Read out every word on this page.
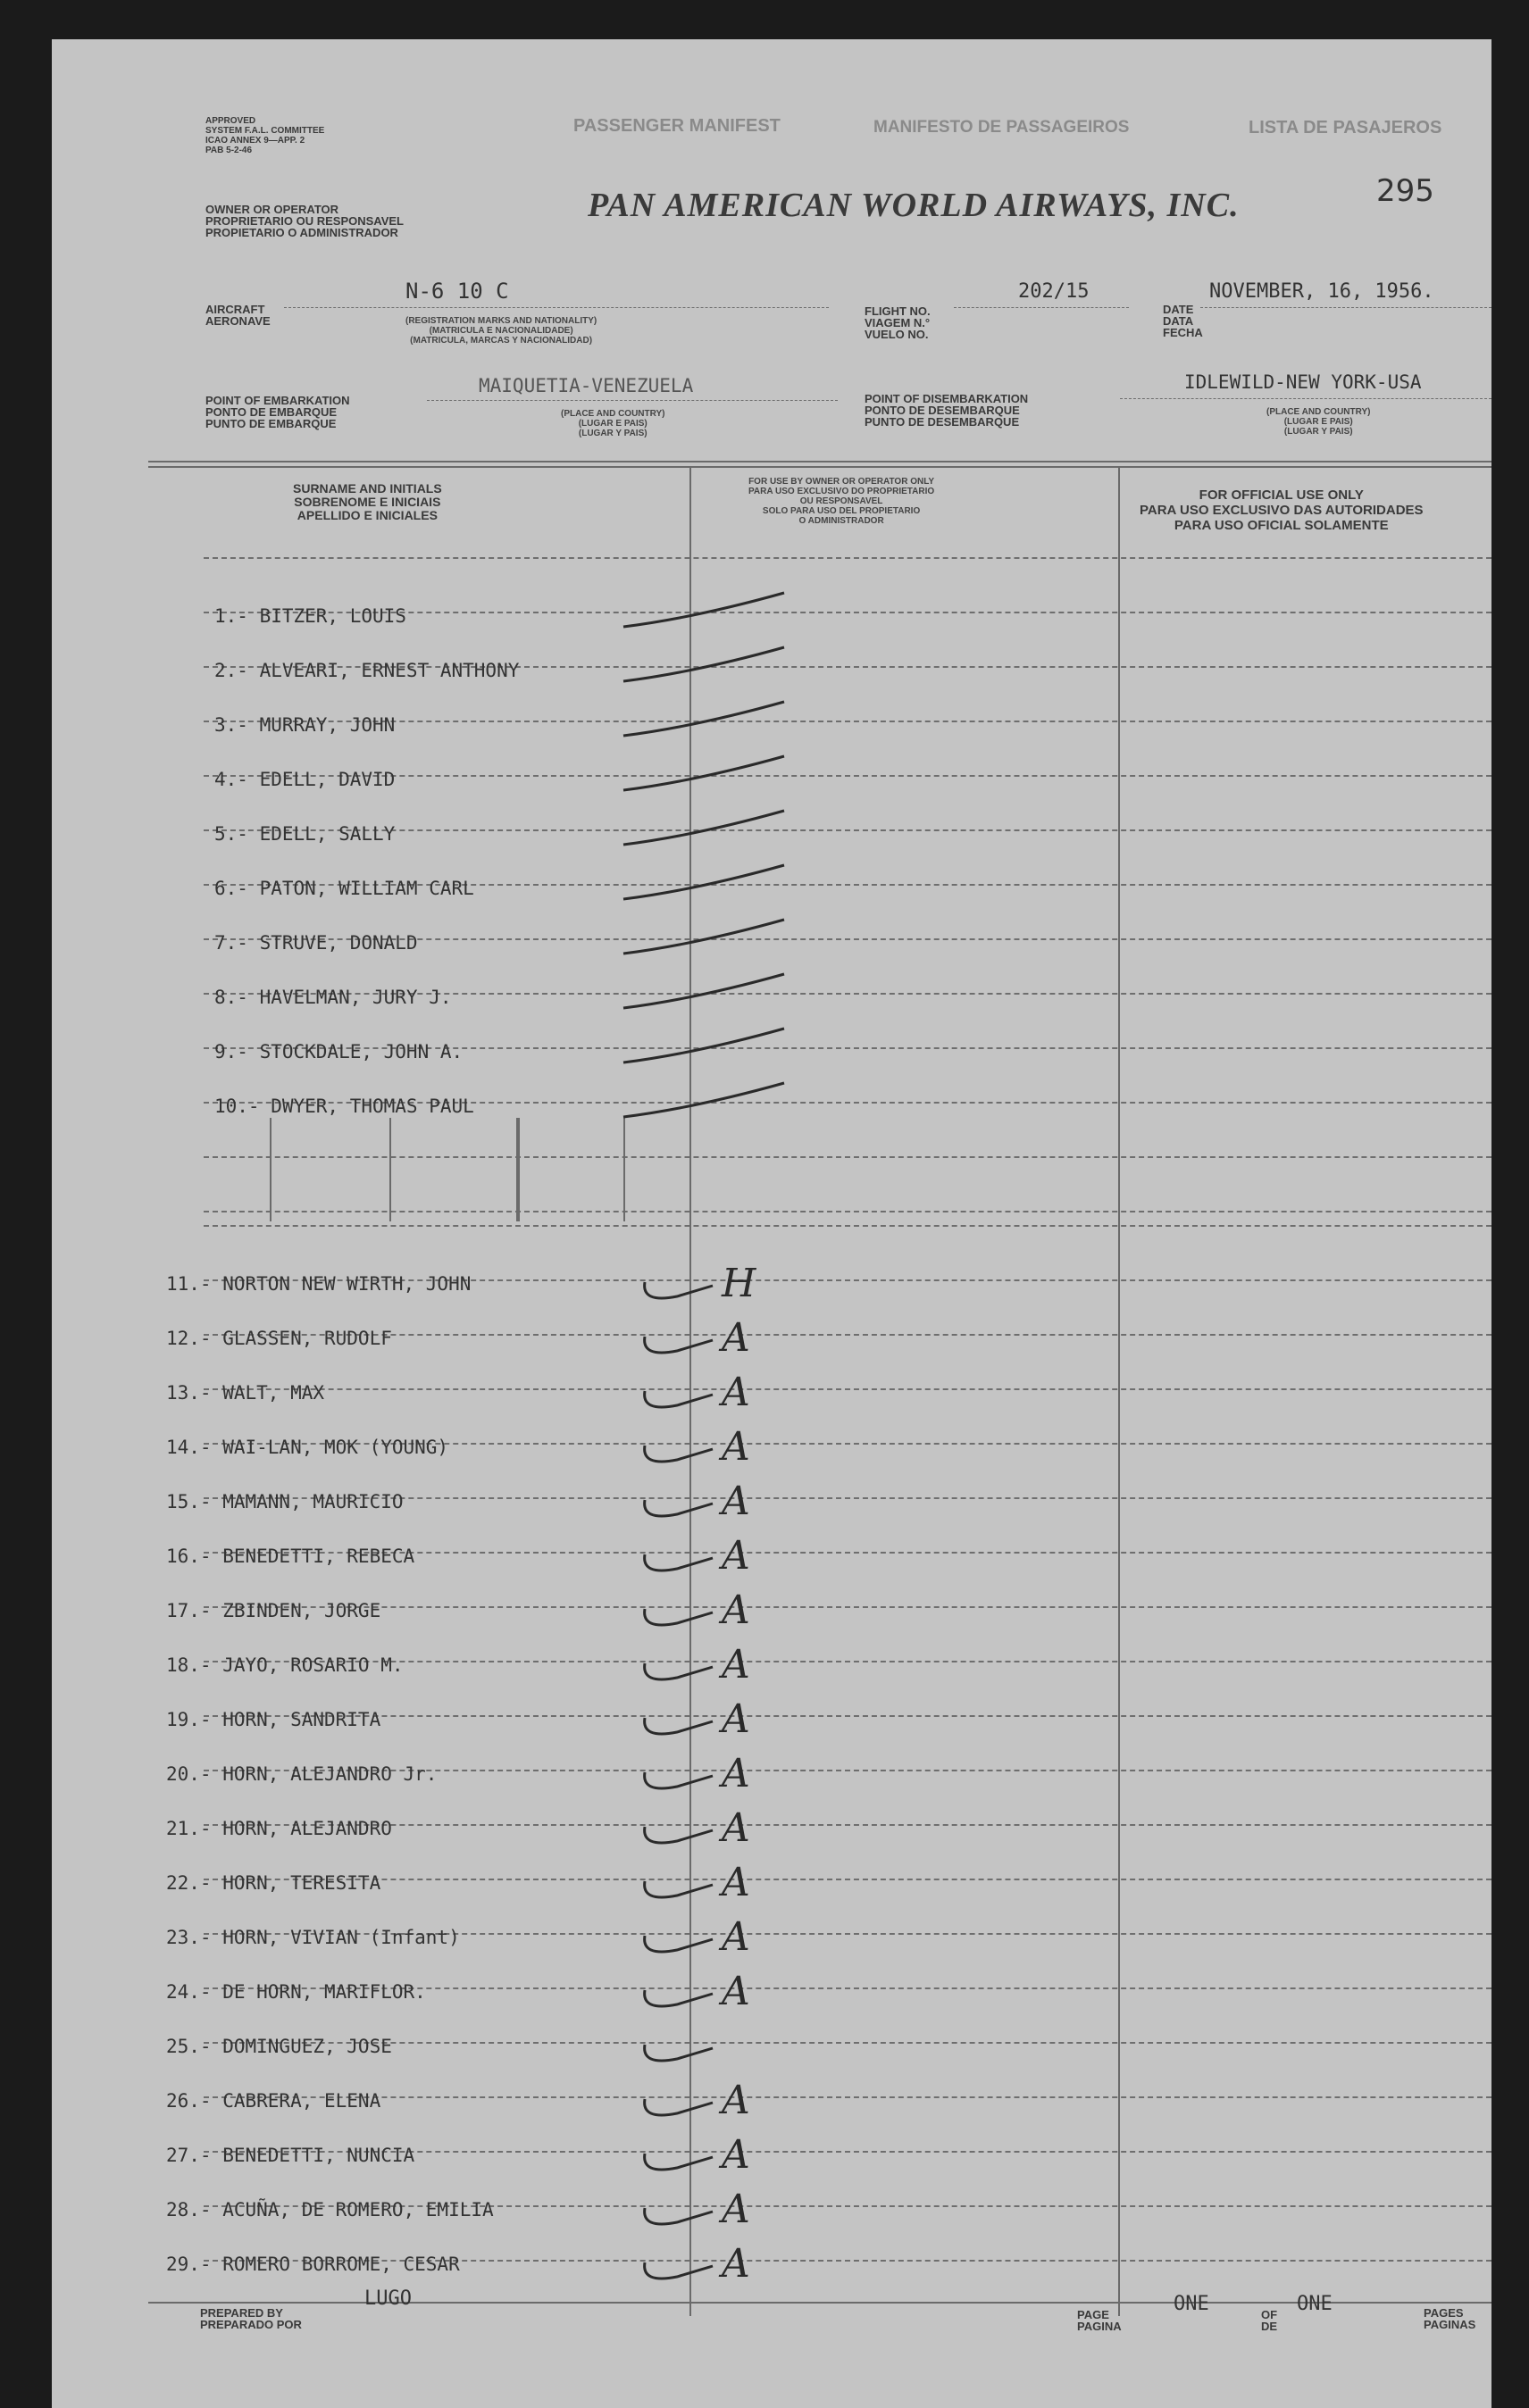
APPROVED
SYSTEM F.A.L. COMMITTEE
ICAO ANNEX 9—APP. 2
PAB 5-2-46
OWNER OR OPERATOR
PROPRIETARIO OU RESPONSAVEL
PROPIETARIO O ADMINISTRADOR
PASSENGER MANIFEST	MANIFESTO DE PASSAGEIROS	LISTA DE PASAJEROS
PAN AMERICAN WORLD AIRWAYS, INC.	295
AIRCRAFT
AERONAVE
N-6 10 C
(REGISTRATION MARKS AND NATIONALITY)
(MATRICULA E NACIONALIDADE)
(MATRICULA, MARCAS Y NACIONALIDAD)
FLIGHT NO.
VIAGEM N.°
VUELO NO.
202/15
DATE
DATA
FECHA
NOVEMBER, 16, 1956.
POINT OF EMBARKATION
PONTO DE EMBARQUE
PUNTO DE EMBARQUE
MAIQUETIA-VENEZUELA
(PLACE AND COUNTRY)
(LUGAR E PAIS)
(LUGAR Y PAIS)
POINT OF DISEMBARKATION
PONTO DE DESEMBARQUE
PUNTO DE DESEMBARQUE
IDLEWILD-NEW YORK-USA
(PLACE AND COUNTRY)
(LUGAR E PAIS)
(LUGAR Y PAIS)
SURNAME AND INITIALS
SOBRENOME E INICIAIS
APELLIDO E INICIALES
FOR USE BY OWNER OR OPERATOR ONLY
PARA USO EXCLUSIVO DO PROPRIETARIO
OU RESPONSAVEL
SOLO PARA USO DEL PROPIETARIO
O ADMINISTRADOR
FOR OFFICIAL USE ONLY
PARA USO EXCLUSIVO DAS AUTORIDADES
PARA USO OFICIAL SOLAMENTE
1.- BITZER, LOUIS
2.- ALVEARI, ERNEST ANTHONY
3.- MURRAY, JOHN
4.- EDELL, DAVID
5.- EDELL, SALLY
6.- PATON, WILLIAM CARL
7.- STRUVE, DONALD
8.- HAVELMAN, JURY J.
9.- STOCKDALE, JOHN A.
10.- DWYER, THOMAS PAUL
11.- NORTON NEW WIRTH, JOHN	H
12.- GLASSEN, RUDOLF	A
13.- WALT, MAX	A
14.- WAI-LAN, MOK (YOUNG)	A
15.- MAMANN, MAURICIO	A
16.- BENEDETTI, REBECA	A
17.- ZBINDEN, JORGE	A
18.- JAYO, ROSARIO M.	A
19.- HORN, SANDRITA	A
20.- HORN, ALEJANDRO Jr.	A
21.- HORN, ALEJANDRO	A
22.- HORN, TERESITA	A
23.- HORN, VIVIAN (Infant)	A
24.- DE HORN, MARIFLOR.	A
25.- DOMINGUEZ, JOSE
26.- CABRERA, ELENA	A
27.- BENEDETTI, NUNCIA	A
28.- ACUÑA, DE ROMERO, EMILIA	A
29.- ROMERO BORROME, CESAR	A
PREPARED BY
PREPARADO POR
LUGO
PAGE
PAGINA
ONE	OF
DE
ONE	PAGES
PAGINAS
